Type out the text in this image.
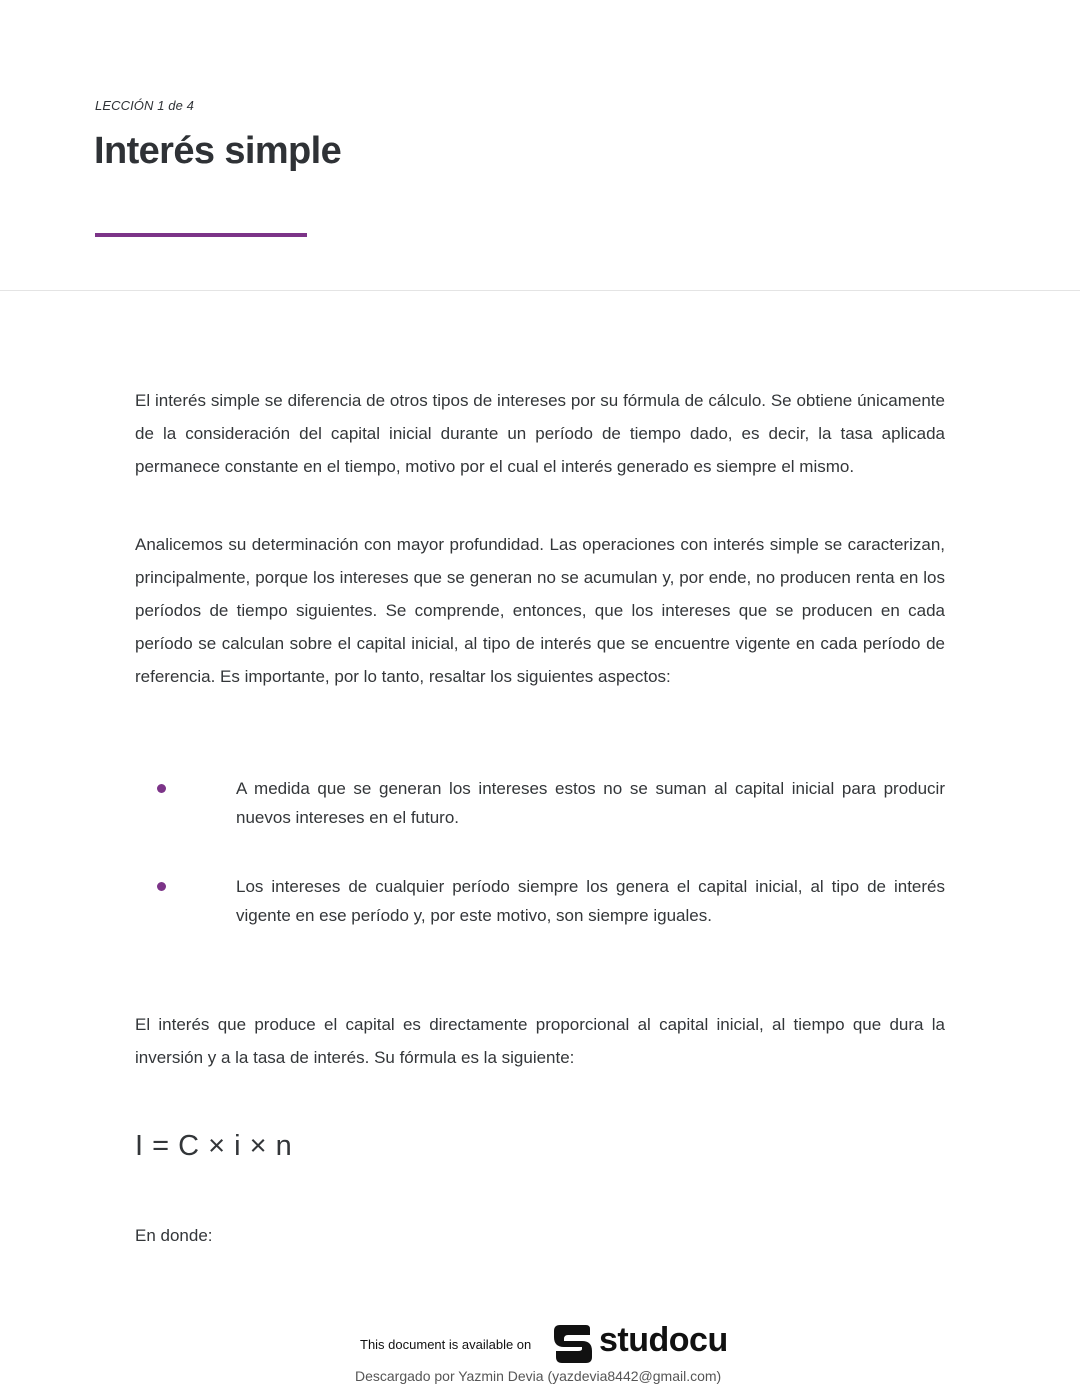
LECCIÓN 1 de 4
Interés simple

El interés simple se diferencia de otros tipos de intereses por su fórmula de cálculo. Se obtiene únicamente de la consideración del capital inicial durante un período de tiempo dado, es decir, la tasa aplicada permanece constante en el tiempo, motivo por el cual el interés generado es siempre el mismo.

Analicemos su determinación con mayor profundidad. Las operaciones con interés simple se caracterizan, principalmente, porque los intereses que se generan no se acumulan y, por ende, no producen renta en los períodos de tiempo siguientes. Se comprende, entonces, que los intereses que se producen en cada período se calculan sobre el capital inicial, al tipo de interés que se encuentre vigente en cada período de referencia. Es importante, por lo tanto, resaltar los siguientes aspectos:

A medida que se generan los intereses estos no se suman al capital inicial para producir nuevos intereses en el futuro.
Los intereses de cualquier período siempre los genera el capital inicial, al tipo de interés vigente en ese período y, por este motivo, son siempre iguales.

El interés que produce el capital es directamente proporcional al capital inicial, al tiempo que dura la inversión y a la tasa de interés. Su fórmula es la siguiente:

I = C × i × n

En donde:

This document is available on studocu
Descargado por Yazmin Devia (yazdevia8442@gmail.com)
